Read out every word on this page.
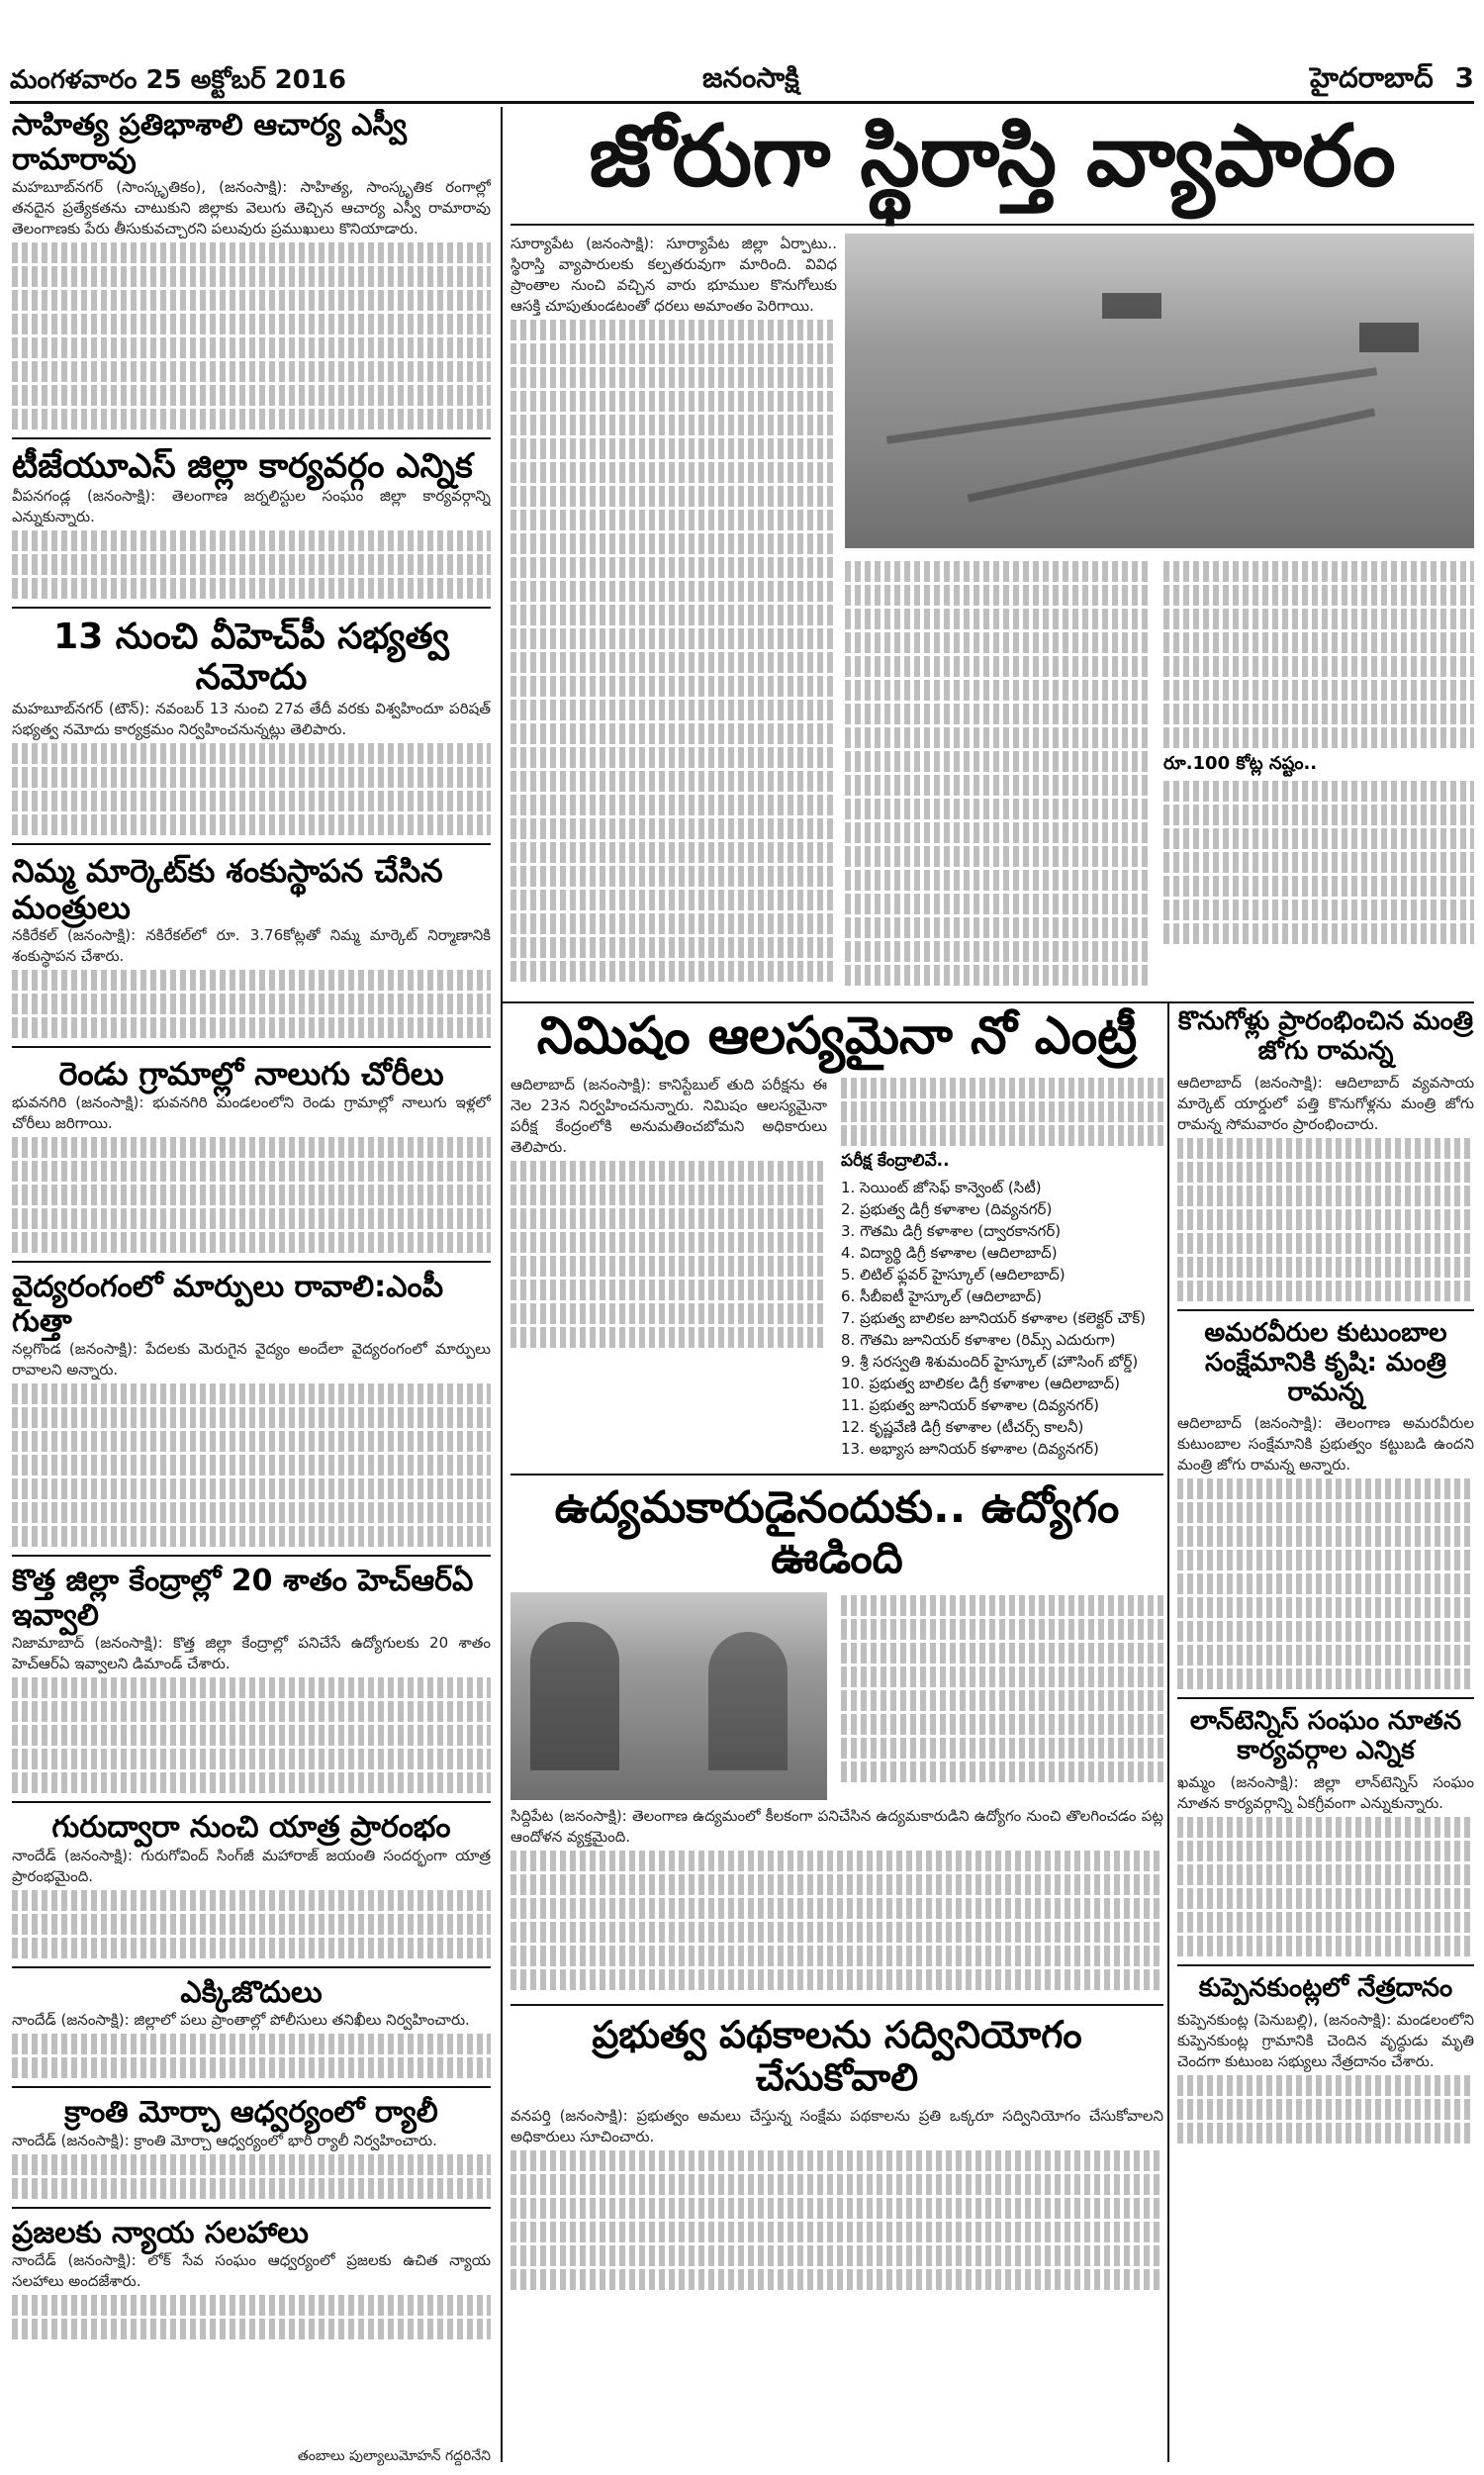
మంగళవారం 25 అక్టోబర్ 2016	జనంసాక్షి	హైదరాబాద్ 3
సాహిత్య ప్రతిభాశాలి ఆచార్య ఎస్వీ రామారావు

మహబూబ్‌నగర్ (సాంస్కృతికం), (జనంసాక్షి): సాహిత్య, సాంస్కృతిక రంగాల్లో తనదైన ప్రత్యేకతను చాటుకుని జిల్లాకు వెలుగు తెచ్చిన ఆచార్య ఎస్వీ రామారావు తెలంగాణకు పేరు తీసుకువచ్చారని పలువురు ప్రముఖులు కొనియాడారు.

టీజేయూఎస్ జిల్లా కార్యవర్గం ఎన్నిక

వీపనగండ్ల (జనంసాక్షి): తెలంగాణ జర్నలిస్టుల సంఘం జిల్లా కార్యవర్గాన్ని ఎన్నుకున్నారు.

13 నుంచి వీహెచ్‌పీ సభ్యత్వ నమోదు

మహబూబ్‌నగర్ (టౌన్): నవంబర్ 13 నుంచి 27వ తేదీ వరకు విశ్వహిందూ పరిషత్ సభ్యత్వ నమోదు కార్యక్రమం నిర్వహించనున్నట్లు తెలిపారు.

నిమ్మ మార్కెట్‌కు శంకుస్థాపన చేసిన మంత్రులు

నకిరేకల్ (జనంసాక్షి): నకిరేకల్‌లో రూ. 3.76కోట్లతో నిమ్మ మార్కెట్ నిర్మాణానికి శంకుస్థాపన చేశారు.

రెండు గ్రామాల్లో నాలుగు చోరీలు

భువనగిరి (జనంసాక్షి): భువనగిరి మండలంలోని రెండు గ్రామాల్లో నాలుగు ఇళ్లలో చోరీలు జరిగాయి.

వైద్యరంగంలో మార్పులు రావాలి:ఎంపీ గుత్తా

నల్లగొండ (జనంసాక్షి): పేదలకు మెరుగైన వైద్యం అందేలా వైద్యరంగంలో మార్పులు రావాలని అన్నారు.

కొత్త జిల్లా కేంద్రాల్లో 20 శాతం హెచ్‌ఆర్‌ఏ ఇవ్వాలి

నిజామాబాద్ (జనంసాక్షి): కొత్త జిల్లా కేంద్రాల్లో పనిచేసే ఉద్యోగులకు 20 శాతం హెచ్‌ఆర్‌ఏ ఇవ్వాలని డిమాండ్ చేశారు.

గురుద్వారా నుంచి యాత్ర ప్రారంభం

నాందేడ్ (జనంసాక్షి): గురుగోవింద్ సింగ్‌జీ మహారాజ్ జయంతి సందర్భంగా యాత్ర ప్రారంభమైంది.

ఎక్కిజొదులు

నాందేడ్ (జనంసాక్షి): జిల్లాలో పలు ప్రాంతాల్లో పోలీసులు తనిఖీలు నిర్వహించారు.

క్రాంతి మోర్చా ఆధ్వర్యంలో ర్యాలీ

నాందేడ్ (జనంసాక్షి): క్రాంతి మోర్చా ఆధ్వర్యంలో భారీ ర్యాలీ నిర్వహించారు.

ప్రజలకు న్యాయ సలహాలు

నాందేడ్ (జనంసాక్షి): లోక్ సేవ సంఘం ఆధ్వర్యంలో ప్రజలకు ఉచిత న్యాయ సలహాలు అందజేశారు.

జోరుగా స్థిరాస్తి వ్యాపారం

సూర్యాపేట (జనంసాక్షి): సూర్యాపేట జిల్లా ఏర్పాటు.. స్థిరాస్తి వ్యాపారులకు కల్పతరువుగా మారింది. వివిధ ప్రాంతాల నుంచి వచ్చిన వారు భూముల కొనుగోలుకు ఆసక్తి చూపుతుండటంతో ధరలు అమాంతం పెరిగాయి.

రూ.100 కోట్ల నష్టం..
నిమిషం ఆలస్యమైనా నో ఎంట్రీ

ఆదిలాబాద్ (జనంసాక్షి): కానిస్టేబుల్ తుది పరీక్షను ఈ నెల 23న నిర్వహించనున్నారు. నిమిషం ఆలస్యమైనా పరీక్ష కేంద్రంలోకి అనుమతించబోమని అధికారులు తెలిపారు.

పరీక్ష కేంద్రాలివే..
1. సెయింట్ జోసెఫ్ కాన్వెంట్ (సిటీ)
2. ప్రభుత్వ డిగ్రీ కళాశాల (దివ్యనగర్)
3. గౌతమి డిగ్రీ కళాశాల (ద్వారకానగర్)
4. విద్యార్థి డిగ్రీ కళాశాల (ఆదిలాబాద్)
5. లిటిల్ ఫ్లవర్ హైస్కూల్ (ఆదిలాబాద్)
6. సీబీఐటీ హైస్కూల్ (ఆదిలాబాద్)
7. ప్రభుత్వ బాలికల జూనియర్ కళాశాల (కలెక్టర్ చౌక్)
8. గౌతమి జూనియర్ కళాశాల (రిమ్స్ ఎదురుగా)
9. శ్రీ సరస్వతి శిశుమందిర్ హైస్కూల్ (హౌసింగ్ బోర్డ్)
10. ప్రభుత్వ బాలికల డిగ్రీ కళాశాల (ఆదిలాబాద్)
11. ప్రభుత్వ జూనియర్ కళాశాల (దివ్యనగర్)
12. కృష్ణవేణి డిగ్రీ కళాశాల (టీచర్స్ కాలనీ)
13. అభ్యాస జూనియర్ కళాశాల (దివ్యనగర్)
ఉద్యమకారుడైనందుకు.. ఉద్యోగం ఊడింది

సిద్దిపేట (జనంసాక్షి): తెలంగాణ ఉద్యమంలో కీలకంగా పనిచేసిన ఉద్యమకారుడిని ఉద్యోగం నుంచి తొలగించడం పట్ల ఆందోళన వ్యక్తమైంది.

ప్రభుత్వ పథకాలను సద్వినియోగం చేసుకోవాలి

వనపర్తి (జనంసాక్షి): ప్రభుత్వం అమలు చేస్తున్న సంక్షేమ పథకాలను ప్రతి ఒక్కరూ సద్వినియోగం చేసుకోవాలని అధికారులు సూచించారు.

కొనుగోళ్లు ప్రారంభించిన మంత్రి జోగు రామన్న

ఆదిలాబాద్ (జనంసాక్షి): ఆదిలాబాద్ వ్యవసాయ మార్కెట్ యార్డులో పత్తి కొనుగోళ్లను మంత్రి జోగు రామన్న సోమవారం ప్రారంభించారు.

అమరవీరుల కుటుంబాల సంక్షేమానికి కృషి: మంత్రి రామన్న

ఆదిలాబాద్ (జనంసాక్షి): తెలంగాణ అమరవీరుల కుటుంబాల సంక్షేమానికి ప్రభుత్వం కట్టుబడి ఉందని మంత్రి జోగు రామన్న అన్నారు.

లాన్‌టెన్నిస్ సంఘం నూతన కార్యవర్గాల ఎన్నిక

ఖమ్మం (జనంసాక్షి): జిల్లా లాన్‌టెన్నిస్ సంఘం నూతన కార్యవర్గాన్ని ఏకగ్రీవంగా ఎన్నుకున్నారు.

కుప్పెనకుంట్లలో నేత్రదానం

కుప్పెనకుంట్ల (పెనుబల్లి), (జనంసాక్షి): మండలంలోని కుప్పెనకుంట్ల గ్రామానికి చెందిన వృద్ధుడు మృతి చెందగా కుటుంబ సభ్యులు నేత్రదానం చేశారు.

తంబాలు పుల్యాలుమోహన్ గద్దరినేని
